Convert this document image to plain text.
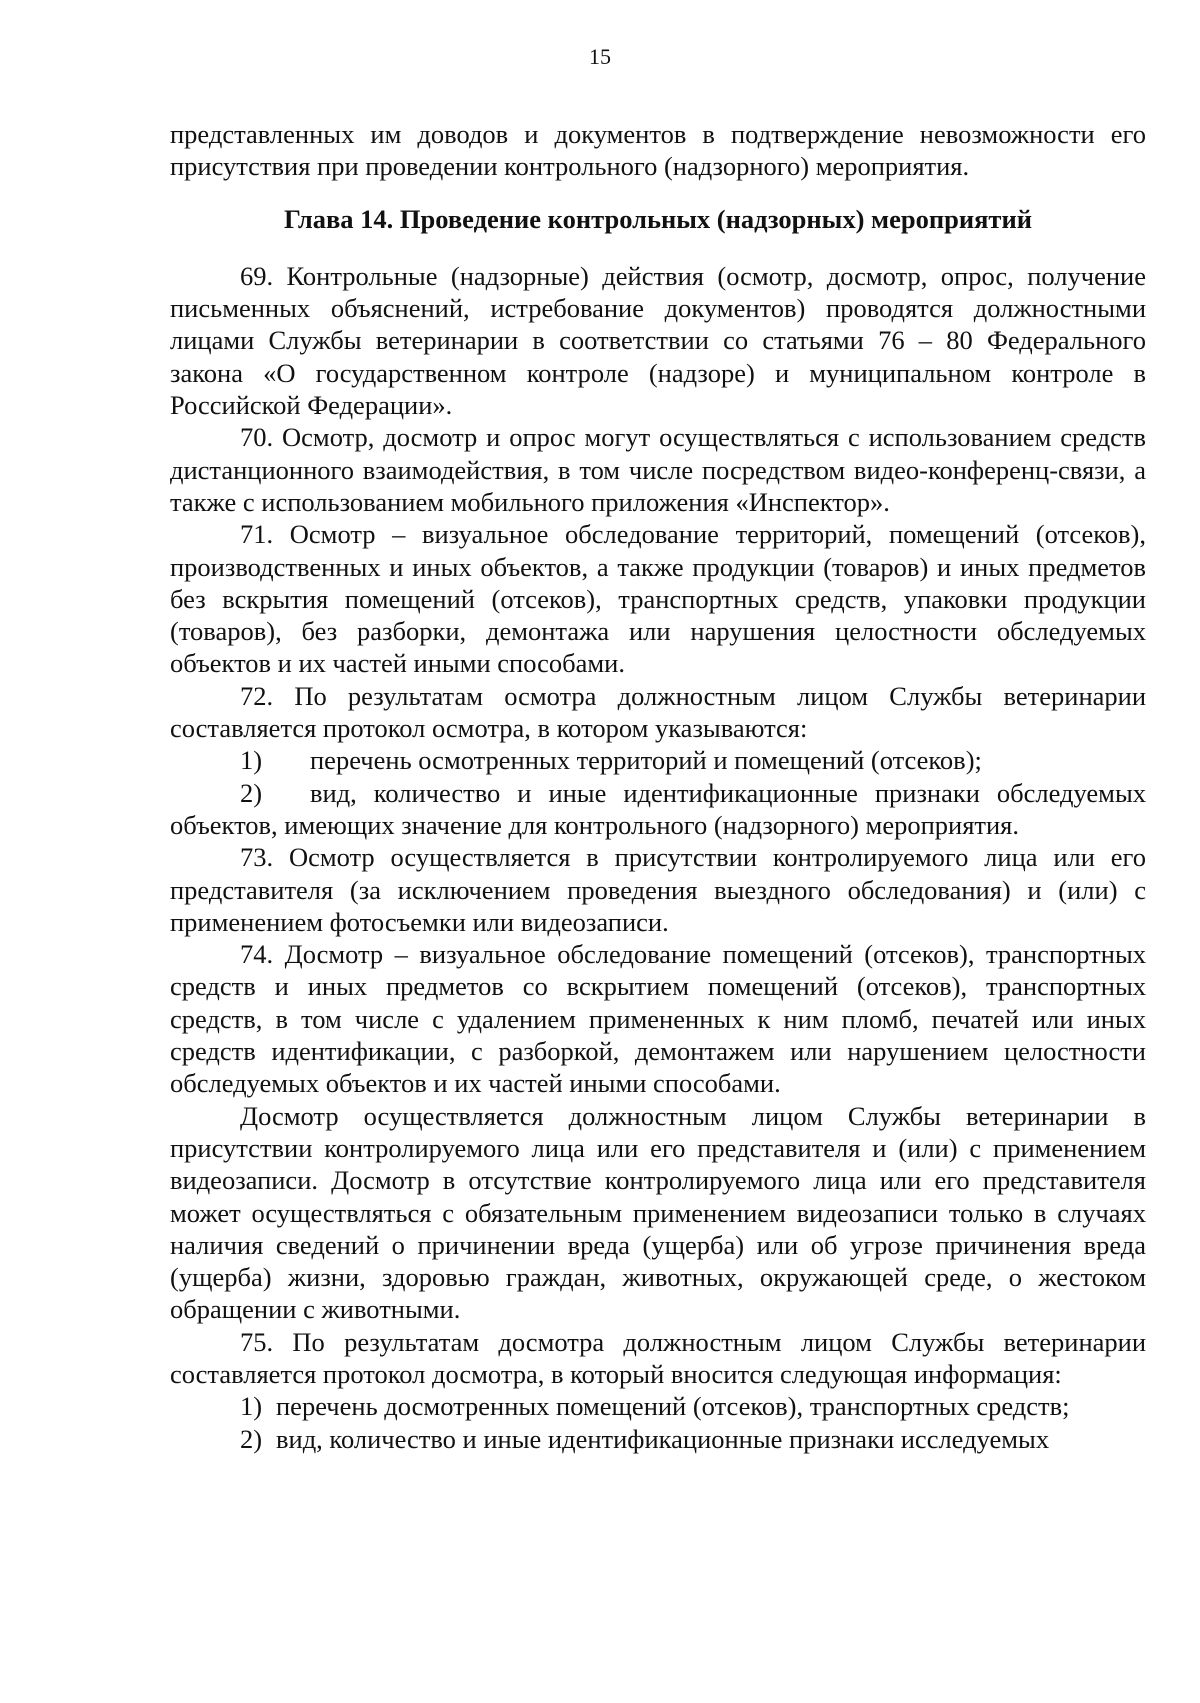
15

представленных им доводов и документов в подтверждение невозможности его присутствия при проведении контрольного (надзорного) мероприятия.

Глава 14. Проведение контрольных (надзорных) мероприятий

69. Контрольные (надзорные) действия (осмотр, досмотр, опрос, получение письменных объяснений, истребование документов) проводятся должностными лицами Службы ветеринарии в соответствии со статьями 76 – 80 Федерального закона «О государственном контроле (надзоре) и муниципальном контроле в Российской Федерации».

70. Осмотр, досмотр и опрос могут осуществляться с использованием средств дистанционного взаимодействия, в том числе посредством видео-конференц-связи, а также с использованием мобильного приложения «Инспектор».

71. Осмотр – визуальное обследование территорий, помещений (отсеков), производственных и иных объектов, а также продукции (товаров) и иных предметов без вскрытия помещений (отсеков), транспортных средств, упаковки продукции (товаров), без разборки, демонтажа или нарушения целостности обследуемых объектов и их частей иными способами.

72. По результатам осмотра должностным лицом Службы ветеринарии составляется протокол осмотра, в котором указываются:

1) перечень осмотренных территорий и помещений (отсеков);

2) вид, количество и иные идентификационные признаки обследуемых объектов, имеющих значение для контрольного (надзорного) мероприятия.

73. Осмотр осуществляется в присутствии контролируемого лица или его представителя (за исключением проведения выездного обследования) и (или) с применением фотосъемки или видеозаписи.

74. Досмотр – визуальное обследование помещений (отсеков), транспортных средств и иных предметов со вскрытием помещений (отсеков), транспортных средств, в том числе с удалением примененных к ним пломб, печатей или иных средств идентификации, с разборкой, демонтажем или нарушением целостности обследуемых объектов и их частей иными способами.

Досмотр осуществляется должностным лицом Службы ветеринарии в присутствии контролируемого лица или его представителя и (или) с применением видеозаписи. Досмотр в отсутствие контролируемого лица или его представителя может осуществляться с обязательным применением видеозаписи только в случаях наличия сведений о причинении вреда (ущерба) или об угрозе причинения вреда (ущерба) жизни, здоровью граждан, животных, окружающей среде, о жестоком обращении с животными.

75. По результатам досмотра должностным лицом Службы ветеринарии составляется протокол досмотра, в который вносится следующая информация:

1) перечень досмотренных помещений (отсеков), транспортных средств;

2) вид, количество и иные идентификационные признаки исследуемых
